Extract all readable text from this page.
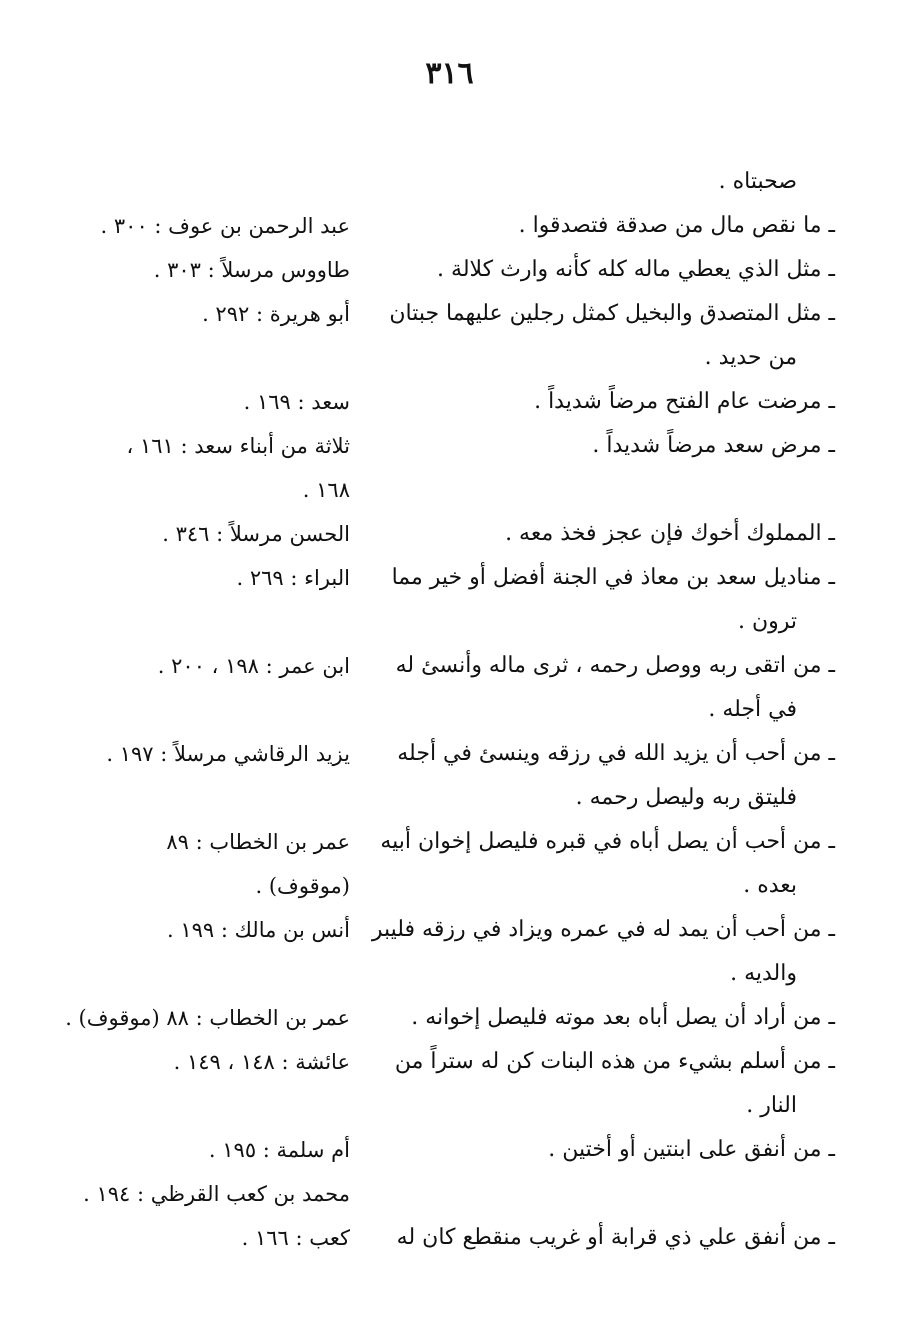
٣١٦
صحبتاه .
ـ ما نقص مال من صدقة فتصدقوا .
عبد الرحمن بن عوف : ٣٠٠ .
ـ مثل الذي يعطي ماله كله كأنه وارث كلالة .
طاووس مرسلاً : ٣٠٣ .
ـ مثل المتصدق والبخيل كمثل رجلين عليهما جبتان
من حديد .
أبو هريرة : ٢٩٢ .
ـ مرضت عام الفتح مرضاً شديداً .
سعد : ١٦٩ .
ـ مرض سعد مرضاً شديداً .
ثلاثة من أبناء سعد : ١٦١ ،
١٦٨ .
ـ المملوك أخوك فإن عجز فخذ معه .
الحسن مرسلاً : ٣٤٦ .
ـ مناديل سعد بن معاذ في الجنة أفضل أو خير مما
ترون .
البراء : ٢٦٩ .
ـ من اتقى ربه ووصل رحمه ، ثرى ماله وأنسئ له
في أجله .
ابن عمر : ١٩٨ ، ٢٠٠ .
ـ من أحب أن يزيد الله في رزقه وينسئ في أجله
فليتق ربه وليصل رحمه .
يزيد الرقاشي مرسلاً : ١٩٧ .
ـ من أحب أن يصل أباه في قبره فليصل إخوان أبيه
بعده .
عمر بن الخطاب : ٨٩
(موقوف) .
ـ من أحب أن يمد له في عمره ويزاد في رزقه فليبر
والديه .
أنس بن مالك : ١٩٩ .
ـ من أراد أن يصل أباه بعد موته فليصل إخوانه .
عمر بن الخطاب : ٨٨ (موقوف) .
ـ من أسلم بشيء من هذه البنات كن له ستراً من
النار .
عائشة : ١٤٨ ، ١٤٩ .
ـ من أنفق على ابنتين أو أختين .
أم سلمة : ١٩٥ .
محمد بن كعب القرظي : ١٩٤ .
ـ من أنفق علي ذي قرابة أو غريب منقطع كان له
كعب : ١٦٦ .
